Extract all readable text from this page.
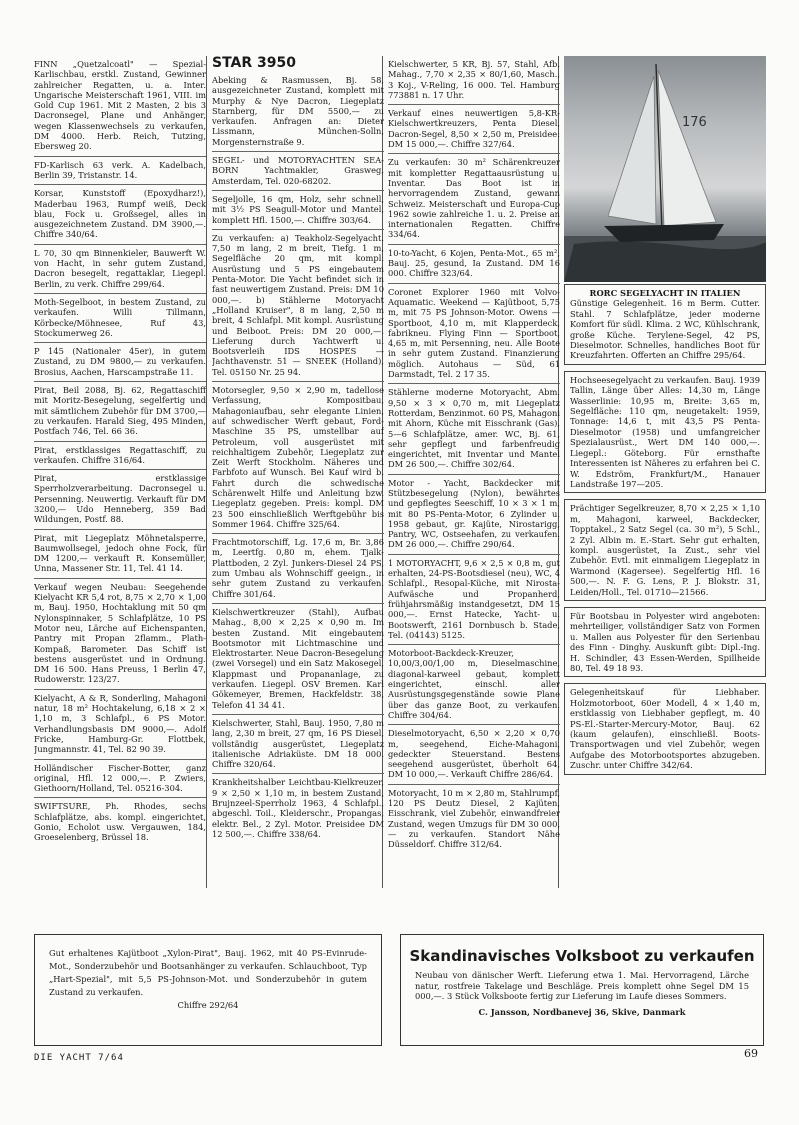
FINN „Quetzalcoatl" — Spezial-Karlischbau, erstkl. Zustand, Gewinner zahlreicher Regatten, u. a. Inter. Ungarische Meisterschaft 1961, VIII. im Gold Cup 1961. Mit 2 Masten, 2 bis 3 Dacronsegel, Plane und Anhänger, wegen Klassenwechsels zu verkaufen, DM 4000. Herb. Reich, Tutzing, Ebersweg 20.
FD-Karlisch 63 verk. A. Kadelbach, Berlin 39, Tristanstr. 14.
Korsar, Kunststoff (Epoxydharz!), Maderbau 1963, Rumpf weiß, Deck blau, Fock u. Großsegel, alles in ausgezeichnetem Zustand. DM 3900,—. Chiffre 340/64.
L 70, 30 qm Binnenkieler, Bauwerft W. von Hacht, in sehr gutem Zustand, Dacron besegelt, regattaklar, Liegepl. Berlin, zu verk. Chiffre 299/64.
Moth-Segelboot, in bestem Zustand, zu verkaufen. Willi Tillmann, Körbecke/Möhnesee, Ruf 43, Stockumerweg 26.
P 145 (Nationaler 45er), in gutem Zustand, zu DM 9800,— zu verkaufen. Brosius, Aachen, Harscampstraße 11.
Pirat, Beil 2088, Bj. 62, Regattaschiff mit Moritz-Besegelung, segelfertig und mit sämtlichem Zubehör für DM 3700,— zu verkaufen. Harald Sieg, 495 Minden, Postfach 746, Tel. 66 36.
Pirat, erstklassiges Regattaschiff, zu verkaufen. Chiffre 316/64.
Pirat, erstklassige Sperrholzverarbeitung. Dacronsegel u. Persenning. Neuwertig. Verkauft für DM 3200,— Udo Henneberg, 359 Bad Wildungen, Postf. 88.
Pirat, mit Liegeplatz Möhnetalsperre, Baumwollsegel, jedoch ohne Fock, für DM 1200,— verkauft R. Konsemüller, Unna, Massener Str. 11, Tel. 41 14.
Verkauf wegen Neubau: Seegehende Kielyacht KR 5,4 rot, 8,75 × 2,70 × 1,00 m, Bauj. 1950, Hochtaklung mit 50 qm Nylonspinnaker, 5 Schlafplätze, 10 PS Motor neu, Lärche auf Eichenspanten, Pantry mit Propan 2flamm., Plath-Kompaß, Barometer. Das Schiff ist bestens ausgerüstet und in Ordnung. DM 16 500. Hans Preuss, 1 Berlin 47, Rudowerstr. 123/27.
Kielyacht, A & R, Sonderling, Mahagoni natur, 18 m² Hochtakelung, 6,18 × 2 × 1,10 m, 3 Schlafpl., 6 PS Motor. Verhandlungsbasis DM 9000,—. Adolf Fricke, Hamburg-Gr. Flottbek, Jungmannstr. 41, Tel. 82 90 39.
Holländischer Fischer-Botter, ganz original, Hfl. 12 000,—. P. Zwiers, Giethoorn/Holland, Tel. 05216-304.
SWIFTSURE, Ph. Rhodes, sechs Schlafplätze, abs. kompl. eingerichtet, Gonio, Echolot usw. Vergauwen, 184, Groeselenberg, Brüssel 18.
STAR 3950
Abeking & Rasmussen, Bj. 58, ausgezeichneter Zustand, komplett mit Murphy & Nye Dacron, Liegeplatz Starnberg, für DM 5500,— zu verkaufen. Anfragen an: Dieter Lissmann, München-Solln, Morgensternstraße 9.
SEGEL- und MOTORYACHTEN SEA-BORN Yachtmakler, Grasweg, Amsterdam, Tel. 020-68202.
Segeljolle, 16 qm, Holz, sehr schnell, mit 3½ PS Seagull-Motor und Mantel, komplett Hfl. 1500,—. Chiffre 303/64.
Zu verkaufen: a) Teakholz-Segelyacht. 7,50 m lang, 2 m breit, Tiefg. 1 m, Segelfläche 20 qm, mit kompl. Ausrüstung und 5 PS eingebautem Penta-Motor. Die Yacht befindet sich in fast neuwertigem Zustand. Preis: DM 10 000,—. b) Stählerne Motoryacht „Holland Kruiser", 8 m lang, 2,50 m breit, 4 Schlafpl. Mit kompl. Ausrüstung und Beiboot. Preis: DM 20 000,—. Lieferung durch Yachtwerft u. Bootsverleih IDS HOSPES — Jachthavenstr. 51 — SNEEK (Holland), Tel. 05150 Nr. 25 94.
Motorsegler, 9,50 × 2,90 m, tadellose Verfassung, Kompositbau, Mahagoniaufbau, sehr elegante Linien, auf schwedischer Werft gebaut, Ford-Maschine 35 PS, umstellbar auf Petroleum, voll ausgerüstet mit reichhaltigem Zubehör, Liegeplatz zur Zeit Werft Stockholm. Näheres und Farbfoto auf Wunsch. Bei Kauf wird b. Fahrt durch die schwedische Schärenwelt Hilfe und Anleitung bzw. Liegeplatz gegeben. Preis: kompl. DM 23 500 einschließlich Werftgebühr bis Sommer 1964. Chiffre 325/64.
Frachtmotorschiff, Lg. 17,6 m, Br. 3,86 m, Leertfg. 0,80 m, ehem. Tjalk-Plattboden, 2 Zyl. Junkers-Diesel 24 PS, zum Umbau als Wohnschiff geeign., in sehr gutem Zustand zu verkaufen. Chiffre 301/64.
Kielschwertkreuzer (Stahl), Aufbau Mahag., 8,00 × 2,25 × 0,90 m. Im besten Zustand. Mit eingebautem Bootsmotor mit Lichtmaschine und Elektrostarter. Neue Dacron-Besegelung (zwei Vorsegel) und ein Satz Makosegel, Klappmast und Propananlage, zu verkaufen. Liegepl. OSV Bremen. Karl Gökemeyer, Bremen, Hackfeldstr. 38, Telefon 41 34 41.
Kielschwerter, Stahl, Bauj. 1950, 7,80 m lang, 2,30 m breit, 27 qm, 16 PS Diesel, vollständig ausgerüstet, Liegeplatz italienische Adriaküste. DM 18 000. Chiffre 320/64.
Krankheitshalber Leichtbau-Kielkreuzer, 9 × 2,50 × 1,10 m, in bestem Zustand, Brujnzeel-Sperrholz 1963, 4 Schlafpl., abgeschl. Toil., Kleiderschr., Propangas, elektr. Bel., 2 Zyl. Motor. Preisidee DM 12 500,—. Chiffre 338/64.
Kielschwerter, 5 KR, Bj. 57, Stahl, Afb. Mahag., 7,70 × 2,35 × 80/1,60, Masch., 3 Koj., V-Reling, 16 000. Tel. Hamburg 773881 n. 17 Uhr.
Verkauf eines neuwertigen 5,8-KR-Kielschwertkreuzers, Penta Diesel, Dacron-Segel, 8,50 × 2,50 m, Preisidee: DM 15 000,—. Chiffre 327/64.
Zu verkaufen: 30 m² Schärenkreuzer mit kompletter Regattaausrüstung u. Inventar. Das Boot ist in hervorragendem Zustand, gewann Schweiz. Meisterschaft und Europa-Cup 1962 sowie zahlreiche 1. u. 2. Preise an internationalen Regatten. Chiffre 334/64.
10-to-Yacht, 6 Kojen, Penta-Mot., 65 m², Bauj. 25, gesund, Ia Zustand. DM 16 000. Chiffre 323/64.
Coronet Explorer 1960 mit Volvo-Aquamatic. Weekend — Kajütboot, 5,75 m, mit 75 PS Johnson-Motor. Owens — Sportboot, 4,10 m, mit Klapperdeck, fabrikneu. Flying Finn — Sportboot, 4,65 m, mit Persenning, neu. Alle Boote in sehr gutem Zustand. Finanzierung möglich. Autohaus — Süd, 61 Darmstadt, Tel. 2 17 35.
Stählerne moderne Motoryacht, Abm. 9,50 × 3 × 0,70 m, mit Liegeplatz Rotterdam, Benzinmot. 60 PS, Mahagoni mit Ahorn, Küche mit Eisschrank (Gas), 5—6 Schlafplätze, amer. WC, Bj. 61, sehr gepflegt und farbenfreudig eingerichtet, mit Inventar und Mantel DM 26 500,—. Chiffre 302/64.
Motor - Yacht, Backdecker mit Stützbesegelung (Nylon), bewährtes und gepflegtes Seeschiff, 10 × 3 × 1 m, mit 80 PS-Penta-Motor, 6 Zylinder u. 1958 gebaut, gr. Kajüte, Nirostarigg, Pantry, WC, Ostseehafen, zu verkaufen. DM 26 000,—. Chiffre 290/64.
1 MOTORYACHT, 9,6 × 2,5 × 0,8 m, gut erhalten, 24-PS-Bootsdiesel (neu), WC, 4 Schlafpl., Resopal-Küche, mit Nirosta-Aufwäsche und Propanherd, frühjahrsmäßig instandgesetzt, DM 15 000,—. Ernst Hatecke, Yacht- u. Bootswerft, 2161 Dornbusch b. Stade, Tel. (04143) 5125.
Motorboot-Backdeck-Kreuzer, 10,00/3,00/1,00 m, Dieselmaschine, diagonal-karweel gebaut, komplett eingerichtet, einschl. aller Ausrüstungsgegenstände sowie Plane über das ganze Boot, zu verkaufen. Chiffre 304/64.
Dieselmotoryacht, 6,50 × 2,20 × 0,70 m, seegehend, Eiche-Mahagoni, gedeckter Steuerstand. Bestens seegehend ausgerüstet, überholt 64, DM 10 000,—. Verkauft Chiffre 286/64.
Motoryacht, 10 m × 2,80 m, Stahlrumpf, 120 PS Deutz Diesel, 2 Kajüten, Eisschrank, viel Zubehör, einwandfreier Zustand, wegen Umzugs für DM 30 000,— zu verkaufen. Standort Nähe Düsseldorf. Chiffre 312/64.
176
RORC SEGELYACHT IN ITALIEN
Günstige Gelegenheit. 16 m Berm. Cutter. Stahl. 7 Schlafplätze, jeder moderne Komfort für südl. Klima. 2 WC, Kühlschrank, große Küche. Terylene-Segel, 42 PS, Dieselmotor. Schnelles, handliches Boot für Kreuzfahrten. Offerten an Chiffre 295/64.
Hochseesegelyacht zu verkaufen. Bauj. 1939 Tallin, Länge über Alles: 14,30 m, Länge Wasserlinie: 10,95 m, Breite: 3,65 m, Segelfläche: 110 qm, neugetakelt: 1959, Tonnage: 14,6 t, mit 43,5 PS Penta-Dieselmotor (1958) und umfangreicher Spezialausrüst., Wert DM 140 000,—. Liegepl.: Göteborg. Für ernsthafte Interessenten ist Näheres zu erfahren bei C. W. Edström, Frankfurt/M., Hanauer Landstraße 197—205.
Prächtiger Segelkreuzer, 8,70 × 2,25 × 1,10 m, Mahagoni, karweel, Backdecker, Topptakel., 2 Satz Segel (ca. 30 m²), 5 Schl., 2 Zyl. Albin m. E.-Start. Sehr gut erhalten, kompl. ausgerüstet, Ia Zust., sehr viel Zubehör. Evtl. mit einmaligem Liegeplatz in Warmond (Kagersee). Segelfertig Hfl. 16 500,—. N. F. G. Lens, P. J. Blokstr. 31, Leiden/Holl., Tel. 01710—21566.
Für Bootsbau in Polyester wird angeboten: mehrteiliger, vollständiger Satz von Formen u. Mallen aus Polyester für den Serienbau des Finn - Dinghy. Auskunft gibt: Dipl.-Ing. H. Schindler, 43 Essen-Werden, Spillheide 80, Tel. 49 18 93.
Gelegenheitskauf für Liebhaber. Holzmotorboot, 60er Modell, 4 × 1,40 m, erstklassig von Liebhaber gepflegt, m. 40 PS-El.-Starter-Mercury-Motor, Bauj. 62 (kaum gelaufen), einschließl. Boots-Transportwagen und viel Zubehör, wegen Aufgabe des Motorbootsportes abzugeben. Zuschr. unter Chiffre 342/64.
Gut erhaltenes Kajütboot „Xylon-Pirat", Bauj. 1962, mit 40 PS-Evinrude-Mot., Sonderzubehör und Bootsanhänger zu verkaufen. Schlauchboot, Typ „Hart-Spezial", mit 5,5 PS-Johnson-Mot. und Sonderzubehör in gutem Zustand zu verkaufen.
Chiffre 292/64
Skandinavisches Volksboot zu verkaufen
Neubau von dänischer Werft. Lieferung etwa 1. Mai. Hervorragend, Lärche natur, rostfreie Takelage und Beschläge. Preis komplett ohne Segel DM 15 000,—. 3 Stück Volksboote fertig zur Lieferung im Laufe dieses Sommers.
C. Jansson, Nordbanevej 36, Skive, Danmark
DIE YACHT 7/64	69
